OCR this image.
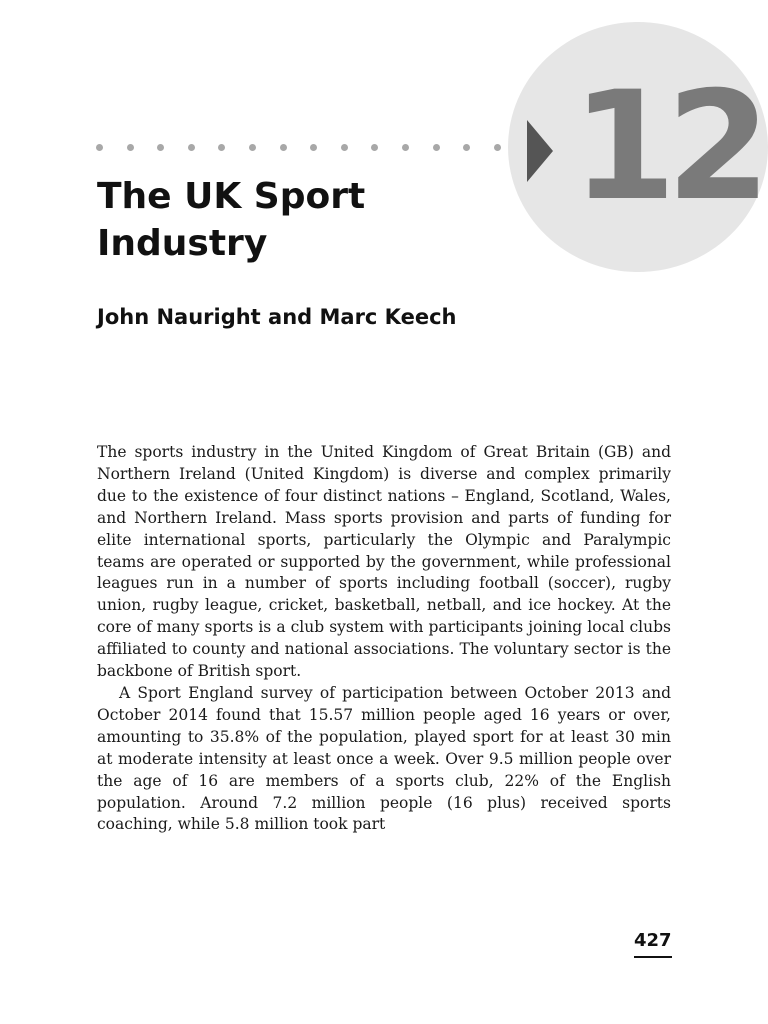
12
The UK Sport Industry
John Nauright and Marc Keech

The sports industry in the United Kingdom of Great Britain (GB) and Northern Ireland (United Kingdom) is diverse and complex primarily due to the existence of four distinct nations – England, Scotland, Wales, and Northern Ireland. Mass sports provision and parts of funding for elite international sports, particularly the Olympic and Paralympic teams are operated or supported by the government, while professional leagues run in a number of sports including football (soccer), rugby union, rugby league, cricket, basketball, netball, and ice hockey. At the core of many sports is a club system with participants joining local clubs affiliated to county and national associations. The voluntary sector is the backbone of British sport.

A Sport England survey of participation between October 2013 and October 2014 found that 15.57 million people aged 16 years or over, amounting to 35.8% of the population, played sport for at least 30 min at moderate intensity at least once a week. Over 9.5 million people over the age of 16 are members of a sports club, 22% of the English population. Around 7.2 million people (16 plus) received sports coaching, while 5.8 million took part

427
